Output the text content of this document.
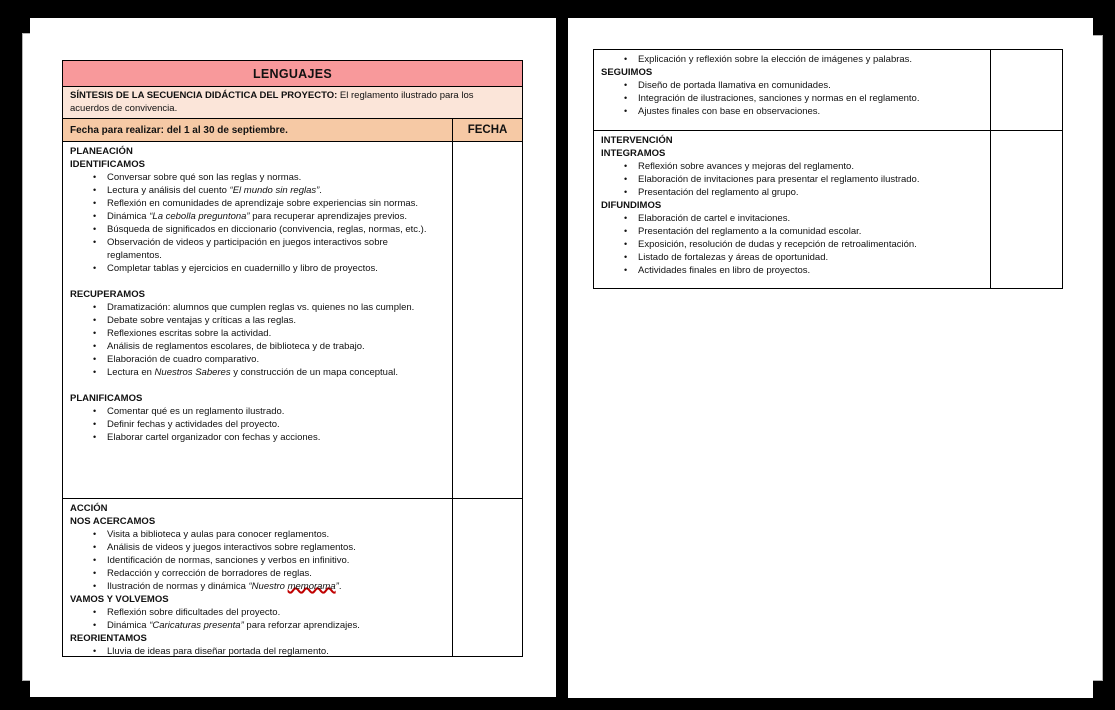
LENGUAJES
SÍNTESIS DE LA SECUENCIA DIDÁCTICA DEL PROYECTO: El reglamento ilustrado para los acuerdos de convivencia.
Fecha para realizar: del 1 al 30 de septiembre.	FECHA
PLANEACIÓN
IDENTIFICAMOS
• Conversar sobre qué son las reglas y normas.
• Lectura y análisis del cuento “El mundo sin reglas”.
• Reflexión en comunidades de aprendizaje sobre experiencias sin normas.
• Dinámica “La cebolla preguntona” para recuperar aprendizajes previos.
• Búsqueda de significados en diccionario (convivencia, reglas, normas, etc.).
• Observación de videos y participación en juegos interactivos sobre reglamentos.
• Completar tablas y ejercicios en cuadernillo y libro de proyectos.
RECUPERAMOS
• Dramatización: alumnos que cumplen reglas vs. quienes no las cumplen.
• Debate sobre ventajas y críticas a las reglas.
• Reflexiones escritas sobre la actividad.
• Análisis de reglamentos escolares, de biblioteca y de trabajo.
• Elaboración de cuadro comparativo.
• Lectura en Nuestros Saberes y construcción de un mapa conceptual.
PLANIFICAMOS
• Comentar qué es un reglamento ilustrado.
• Definir fechas y actividades del proyecto.
• Elaborar cartel organizador con fechas y acciones.
ACCIÓN
NOS ACERCAMOS
• Visita a biblioteca y aulas para conocer reglamentos.
• Análisis de videos y juegos interactivos sobre reglamentos.
• Identificación de normas, sanciones y verbos en infinitivo.
• Redacción y corrección de borradores de reglas.
• Ilustración de normas y dinámica “Nuestro memorama”.
VAMOS Y VOLVEMOS
• Reflexión sobre dificultades del proyecto.
• Dinámica “Caricaturas presenta” para reforzar aprendizajes.
REORIENTAMOS
• Lluvia de ideas para diseñar portada del reglamento.
• Explicación y reflexión sobre la elección de imágenes y palabras.
SEGUIMOS
• Diseño de portada llamativa en comunidades.
• Integración de ilustraciones, sanciones y normas en el reglamento.
• Ajustes finales con base en observaciones.
INTERVENCIÓN
INTEGRAMOS
• Reflexión sobre avances y mejoras del reglamento.
• Elaboración de invitaciones para presentar el reglamento ilustrado.
• Presentación del reglamento al grupo.
DIFUNDIMOS
• Elaboración de cartel e invitaciones.
• Presentación del reglamento a la comunidad escolar.
• Exposición, resolución de dudas y recepción de retroalimentación.
• Listado de fortalezas y áreas de oportunidad.
• Actividades finales en libro de proyectos.
